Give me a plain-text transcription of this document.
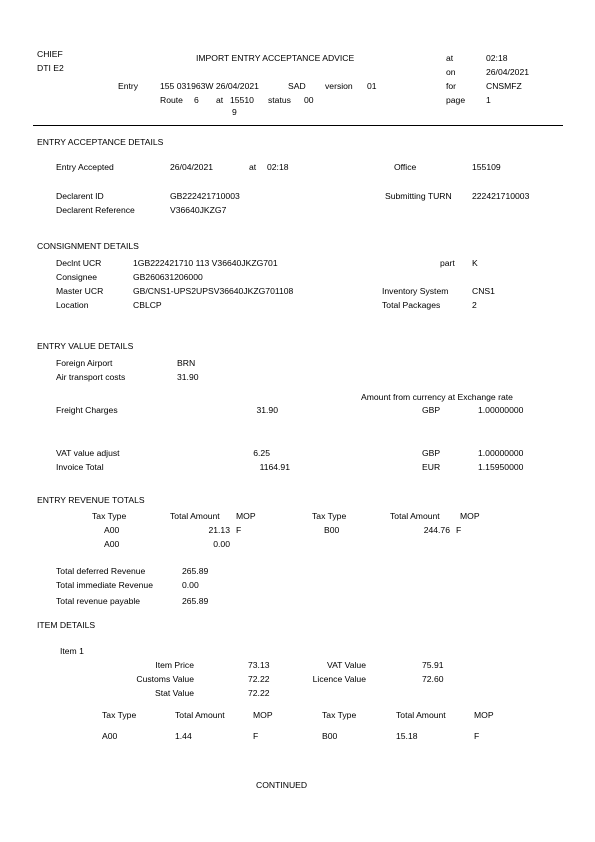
CHIEF
DTI E2
IMPORT ENTRY ACCEPTANCE ADVICE
Entry	155 031963W 26/04/2021	SAD version 01
Route 6 at 15510 status 00
9
at	02:18
on	26/04/2021
for	CNSMFZ
page 1
ENTRY ACCEPTANCE DETAILS
Entry Accepted	26/04/2021	at 02:18	Office	155109
Declarent ID	GB222421710003	Submitting TURN 222421710003
Declarent Reference	V36640JKZG7
CONSIGNMENT DETAILS
Declnt UCR	1GB222421710 113 V36640JKZG701	part K
Consignee	GB260631206000
Master UCR	GB/CNS1-UPS2UPSV36640JKZG701108	Inventory System	CNS1
Location	CBLCP	Total Packages	2
ENTRY VALUE DETAILS
Foreign Airport	BRN
Air transport costs	31.90
Amount from currency at Exchange rate
Freight Charges	31.90	GBP	1.00000000
VAT value adjust	6.25	GBP	1.00000000
Invoice Total	1164.91	EUR	1.15950000
ENTRY REVENUE TOTALS
Tax Type	Total Amount MOP	Tax Type	Total Amount MOP
A00	21.13 F	B00	244.76 F
A00	0.00
Total deferred Revenue	265.89
Total immediate Revenue	0.00
Total revenue payable	265.89
ITEM DETAILS
Item 1
Item Price	73.13	VAT Value	75.91
Customs Value	72.22	Licence Value	72.60
Stat Value	72.22
Tax Type	Total Amount	MOP	Tax Type	Total Amount	MOP
A00	1.44	F	B00	15.18	F
CONTINUED
